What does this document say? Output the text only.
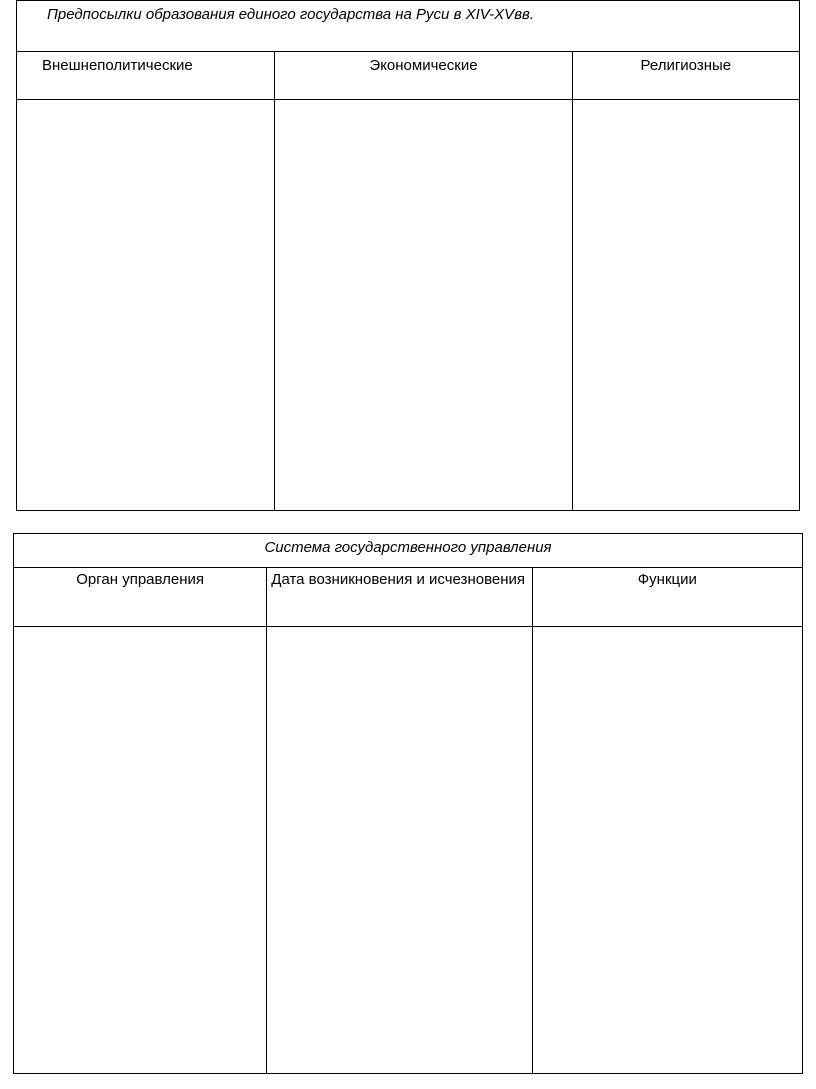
Предпосылки образования единого государства на Руси в XIV-XVвв.		
Внешнеполитические	Экономические	Религиозные

Система государственного управления		
Орган управления	Дата возникновения и исчезновения	Функции
